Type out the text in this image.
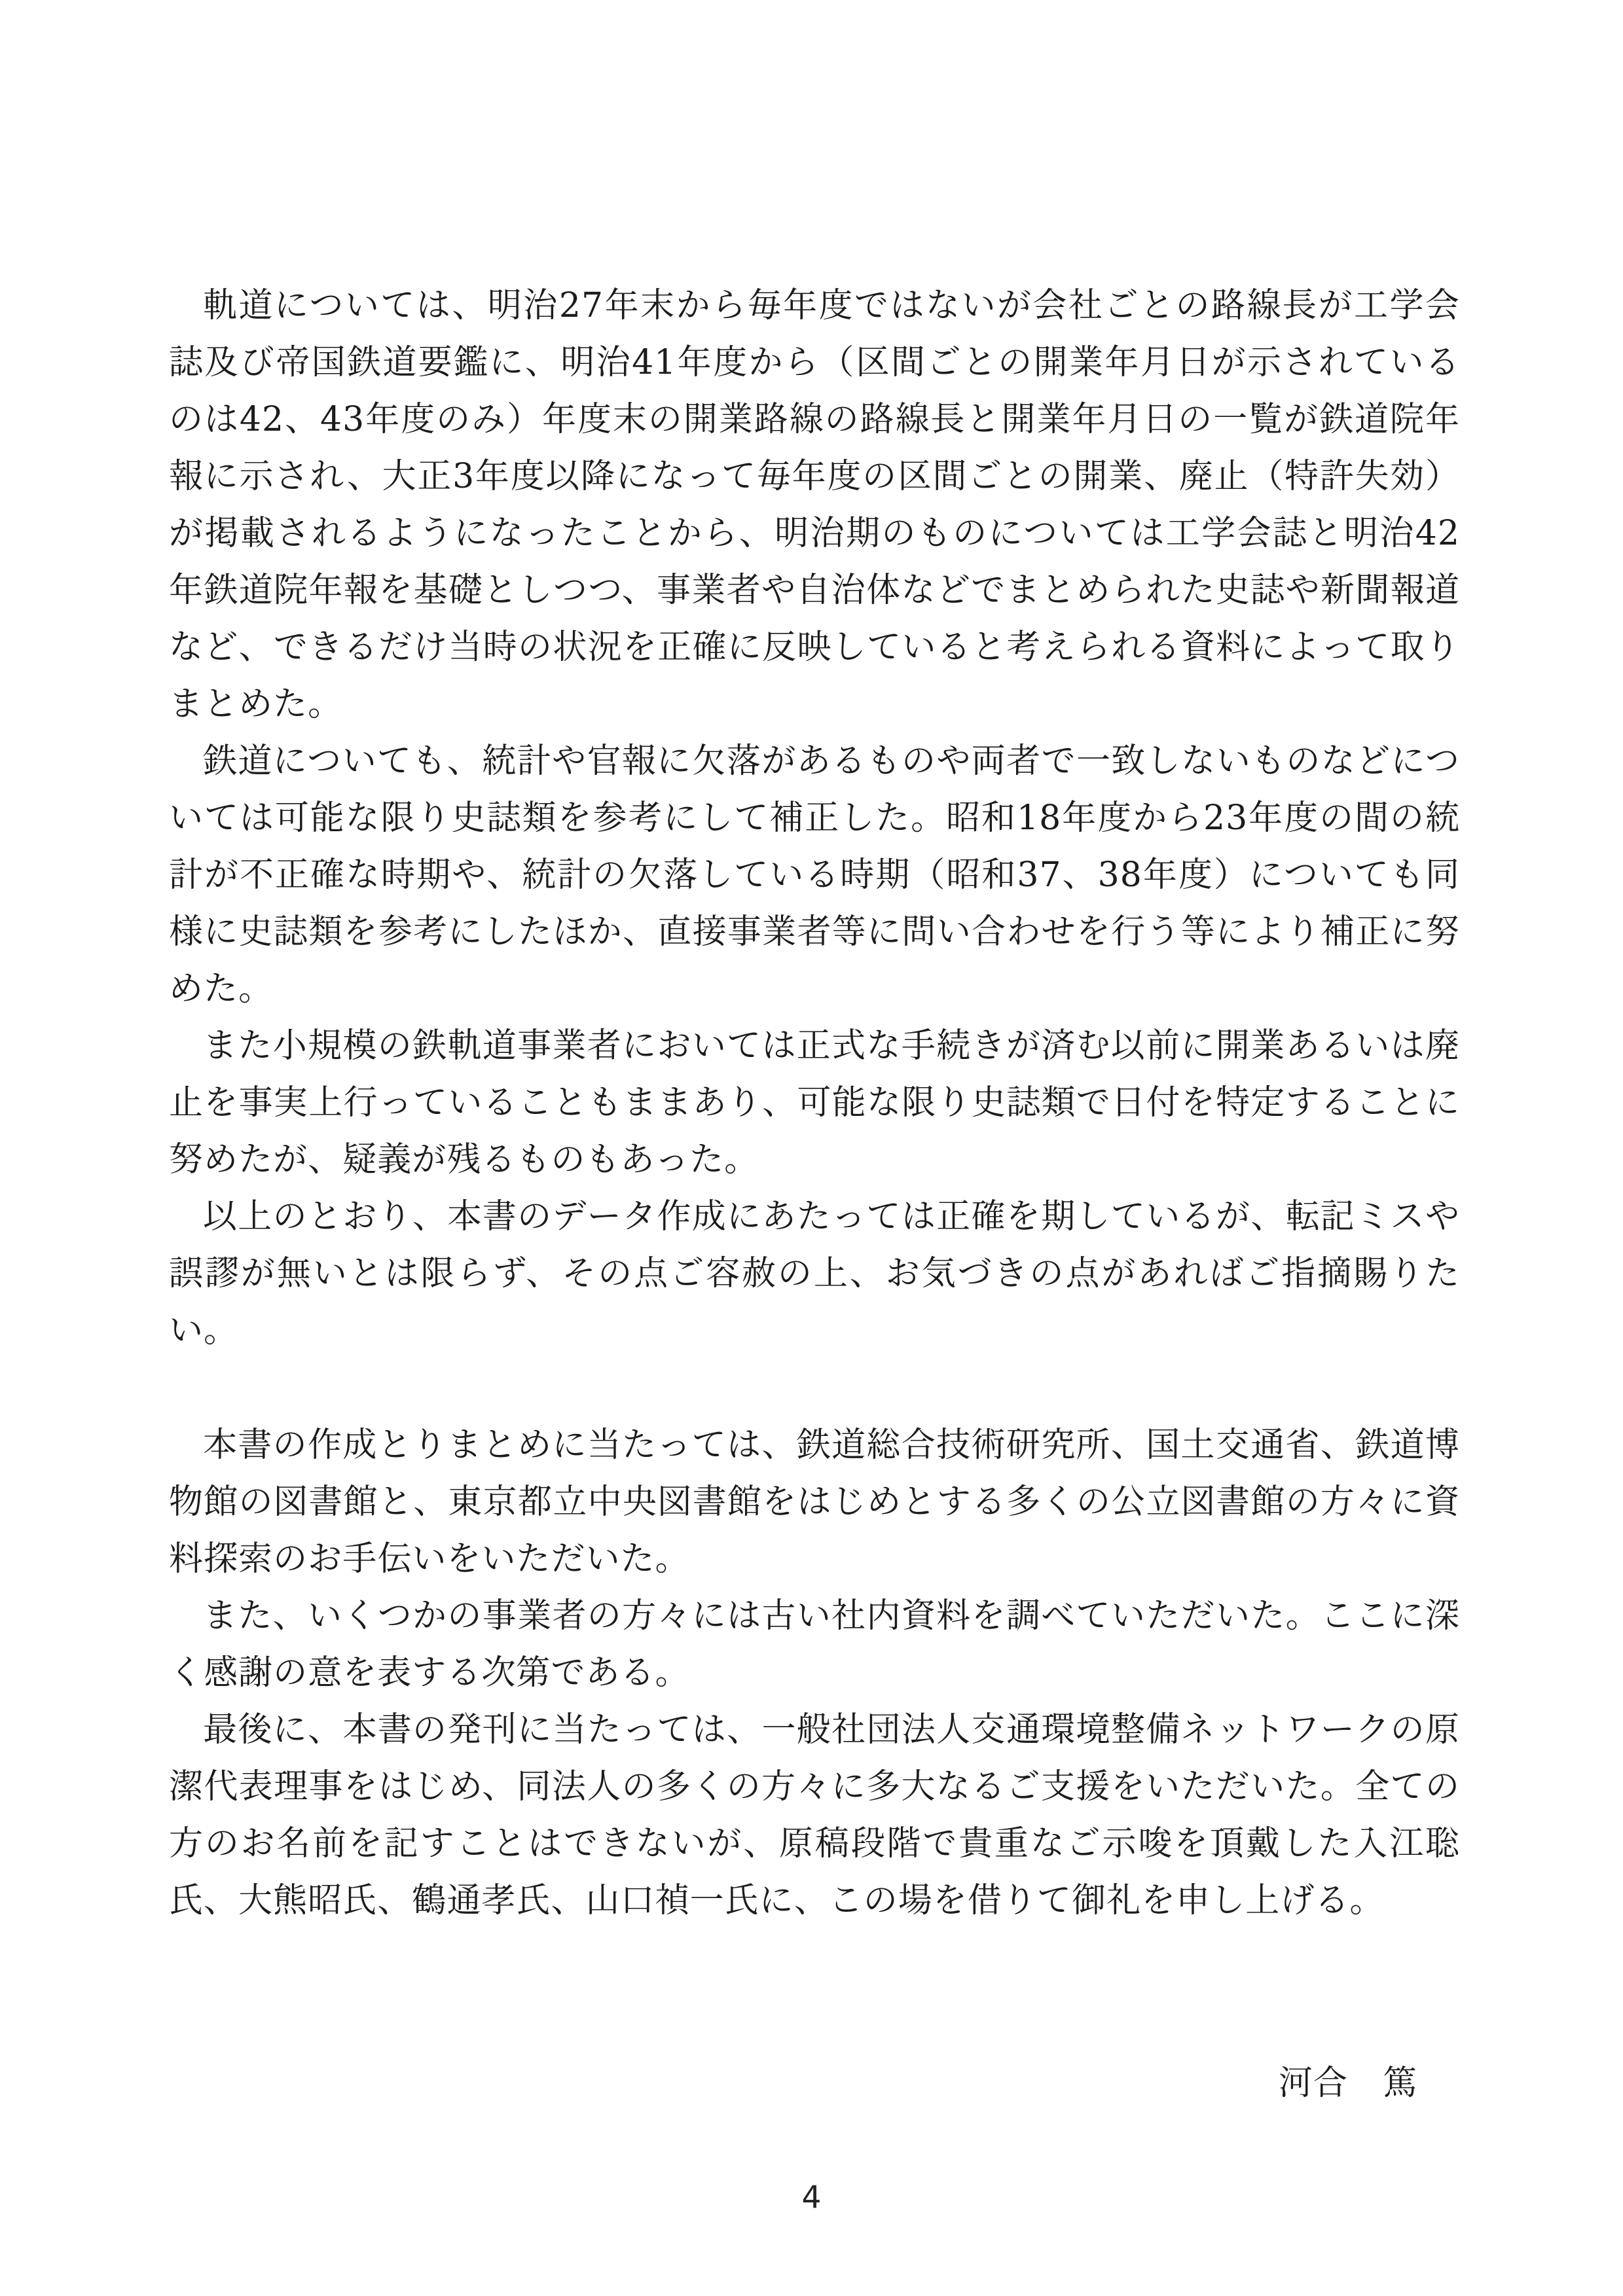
軌道については、明治27年末から毎年度ではないが会社ごとの路線長が工学会誌及び帝国鉄道要鑑に、明治41年度から（区間ごとの開業年月日が示されているのは42、43年度のみ）年度末の開業路線の路線長と開業年月日の一覧が鉄道院年報に示され、大正3年度以降になって毎年度の区間ごとの開業、廃止（特許失効）が掲載されるようになったことから、明治期のものについては工学会誌と明治42年鉄道院年報を基礎としつつ、事業者や自治体などでまとめられた史誌や新聞報道など、できるだけ当時の状況を正確に反映していると考えられる資料によって取りまとめた。

鉄道についても、統計や官報に欠落があるものや両者で一致しないものなどについては可能な限り史誌類を参考にして補正した。昭和18年度から23年度の間の統計が不正確な時期や、統計の欠落している時期（昭和37、38年度）についても同様に史誌類を参考にしたほか、直接事業者等に問い合わせを行う等により補正に努めた。

また小規模の鉄軌道事業者においては正式な手続きが済む以前に開業あるいは廃止を事実上行っていることもままあり、可能な限り史誌類で日付を特定することに努めたが、疑義が残るものもあった。

以上のとおり、本書のデータ作成にあたっては正確を期しているが、転記ミスや誤謬が無いとは限らず、その点ご容赦の上、お気づきの点があればご指摘賜りたい。

本書の作成とりまとめに当たっては、鉄道総合技術研究所、国土交通省、鉄道博物館の図書館と、東京都立中央図書館をはじめとする多くの公立図書館の方々に資料探索のお手伝いをいただいた。

また、いくつかの事業者の方々には古い社内資料を調べていただいた。ここに深く感謝の意を表する次第である。

最後に、本書の発刊に当たっては、一般社団法人交通環境整備ネットワークの原潔代表理事をはじめ、同法人の多くの方々に多大なるご支援をいただいた。全ての方のお名前を記すことはできないが、原稿段階で貴重なご示唆を頂戴した入江聡氏、大熊昭氏、鶴通孝氏、山口禎一氏に、この場を借りて御礼を申し上げる。

河合　篤
4
